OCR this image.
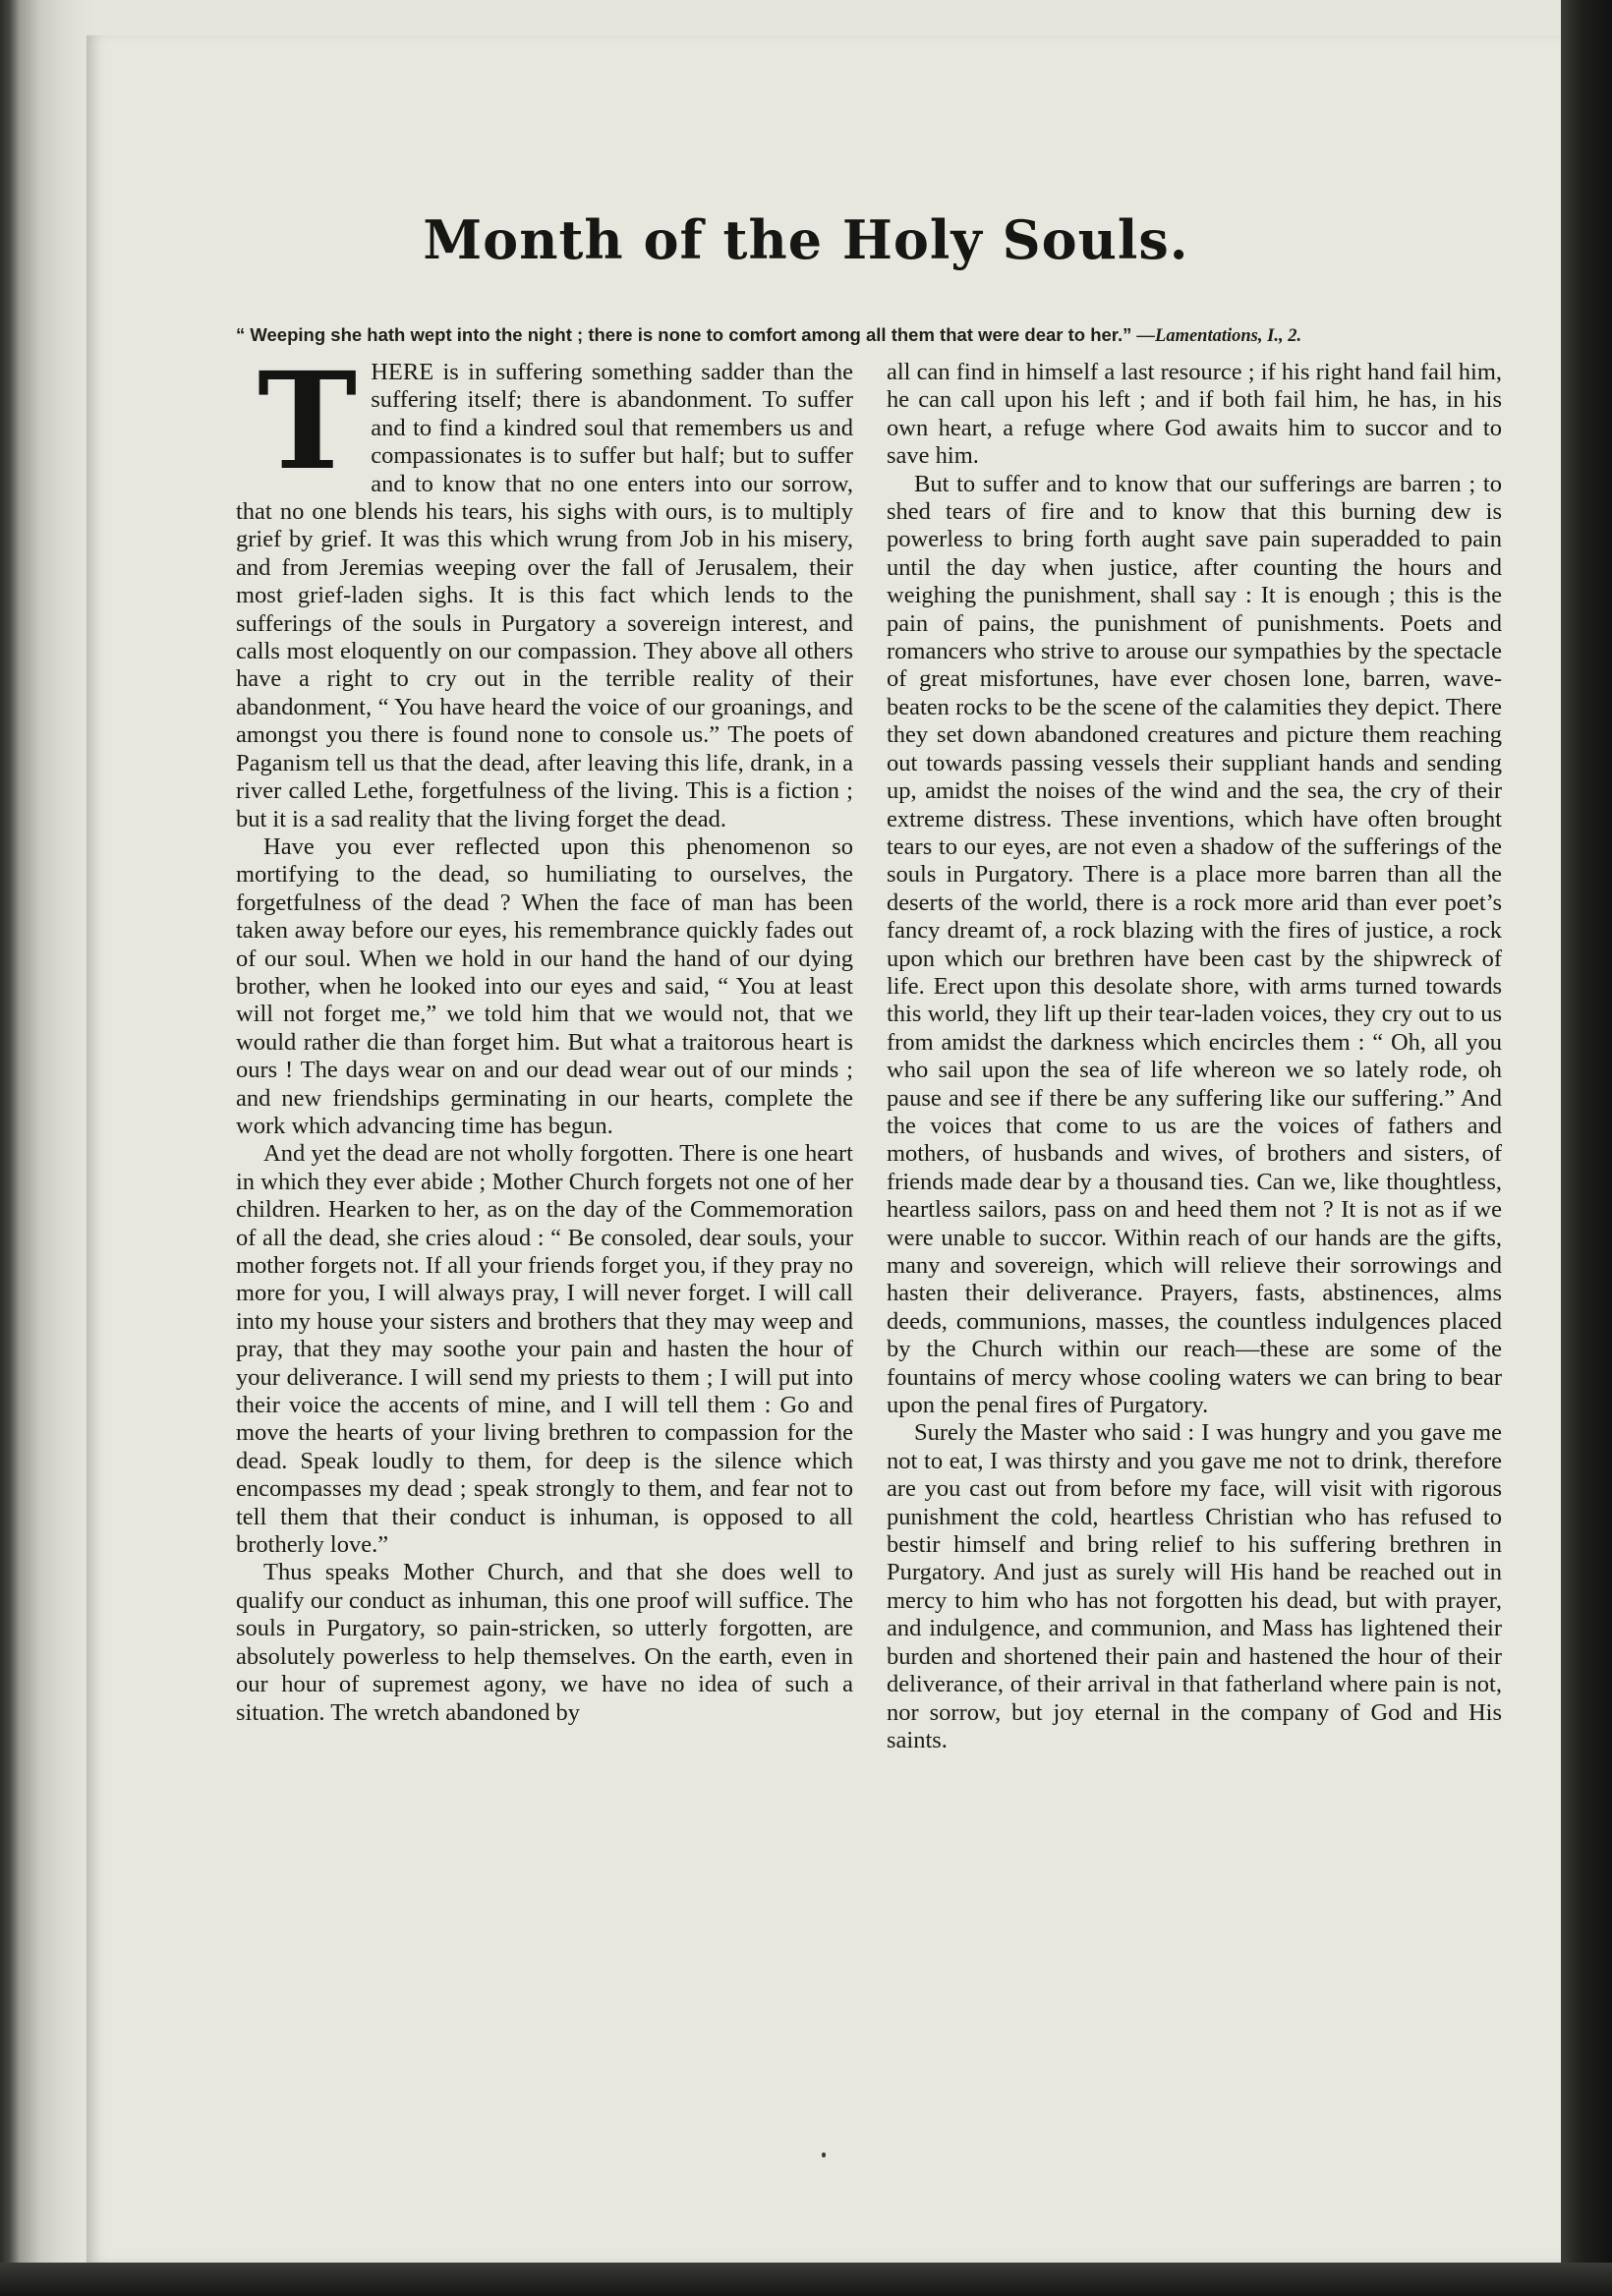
Month of the Holy Souls.
“ Weeping she hath wept into the night ; there is none to comfort among all them that were dear to her.” —Lamentations, I., 2.

THERE is in suffering something sadder than the suffering itself; there is abandonment. To suffer and to find a kindred soul that remembers us and compassionates is to suffer but half; but to suffer and to know that no one enters into our sorrow, that no one blends his tears, his sighs with ours, is to multiply grief by grief. It was this which wrung from Job in his misery, and from Jeremias weeping over the fall of Jerusalem, their most grief-laden sighs. It is this fact which lends to the sufferings of the souls in Purgatory a sovereign interest, and calls most eloquently on our compassion. They above all others have a right to cry out in the terrible reality of their abandonment, “ You have heard the voice of our groanings, and amongst you there is found none to console us.” The poets of Paganism tell us that the dead, after leaving this life, drank, in a river called Lethe, forgetfulness of the living. This is a fiction ; but it is a sad reality that the living forget the dead.

Have you ever reflected upon this phenomenon so mortifying to the dead, so humiliating to ourselves, the forgetfulness of the dead ? When the face of man has been taken away before our eyes, his remembrance quickly fades out of our soul. When we hold in our hand the hand of our dying brother, when he looked into our eyes and said, “ You at least will not forget me,” we told him that we would not, that we would rather die than forget him. But what a traitorous heart is ours ! The days wear on and our dead wear out of our minds ; and new friendships germinating in our hearts, complete the work which advancing time has begun.

And yet the dead are not wholly forgotten. There is one heart in which they ever abide ; Mother Church forgets not one of her children. Hearken to her, as on the day of the Commemoration of all the dead, she cries aloud : “ Be consoled, dear souls, your mother forgets not. If all your friends forget you, if they pray no more for you, I will always pray, I will never forget. I will call into my house your sisters and brothers that they may weep and pray, that they may soothe your pain and hasten the hour of your deliverance. I will send my priests to them ; I will put into their voice the accents of mine, and I will tell them : Go and move the hearts of your living brethren to compassion for the dead. Speak loudly to them, for deep is the silence which encompasses my dead ; speak strongly to them, and fear not to tell them that their conduct is inhuman, is opposed to all brotherly love.”

Thus speaks Mother Church, and that she does well to qualify our conduct as inhuman, this one proof will suffice. The souls in Purgatory, so pain-stricken, so utterly forgotten, are absolutely powerless to help themselves. On the earth, even in our hour of supremest agony, we have no idea of such a situation. The wretch abandoned by

all can find in himself a last resource ; if his right hand fail him, he can call upon his left ; and if both fail him, he has, in his own heart, a refuge where God awaits him to succor and to save him.

But to suffer and to know that our sufferings are barren ; to shed tears of fire and to know that this burning dew is powerless to bring forth aught save pain superadded to pain until the day when justice, after counting the hours and weighing the punishment, shall say : It is enough ; this is the pain of pains, the punishment of punishments. Poets and romancers who strive to arouse our sympathies by the spectacle of great misfortunes, have ever chosen lone, barren, wave-beaten rocks to be the scene of the calamities they depict. There they set down abandoned creatures and picture them reaching out towards passing vessels their suppliant hands and sending up, amidst the noises of the wind and the sea, the cry of their extreme distress. These inventions, which have often brought tears to our eyes, are not even a shadow of the sufferings of the souls in Purgatory. There is a place more barren than all the deserts of the world, there is a rock more arid than ever poet’s fancy dreamt of, a rock blazing with the fires of justice, a rock upon which our brethren have been cast by the shipwreck of life. Erect upon this desolate shore, with arms turned towards this world, they lift up their tear-laden voices, they cry out to us from amidst the darkness which encircles them : “ Oh, all you who sail upon the sea of life whereon we so lately rode, oh pause and see if there be any suffering like our suffering.” And the voices that come to us are the voices of fathers and mothers, of husbands and wives, of brothers and sisters, of friends made dear by a thousand ties. Can we, like thoughtless, heartless sailors, pass on and heed them not ? It is not as if we were unable to succor. Within reach of our hands are the gifts, many and sovereign, which will relieve their sorrowings and hasten their deliverance. Prayers, fasts, abstinences, alms deeds, communions, masses, the countless indulgences placed by the Church within our reach—these are some of the fountains of mercy whose cooling waters we can bring to bear upon the penal fires of Purgatory.

Surely the Master who said : I was hungry and you gave me not to eat, I was thirsty and you gave me not to drink, therefore are you cast out from before my face, will visit with rigorous punishment the cold, heartless Christian who has refused to bestir himself and bring relief to his suffering brethren in Purgatory. And just as surely will His hand be reached out in mercy to him who has not forgotten his dead, but with prayer, and indulgence, and communion, and Mass has lightened their burden and shortened their pain and hastened the hour of their deliverance, of their arrival in that fatherland where pain is not, nor sorrow, but joy eternal in the company of God and His saints.
